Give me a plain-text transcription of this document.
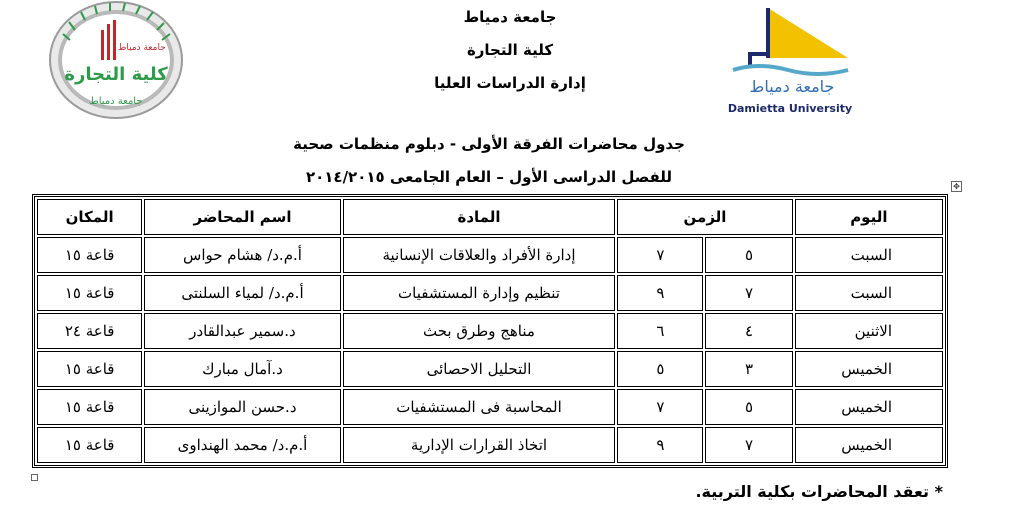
جامعة دمياط
كلية التجارة
جامعة دمياط
جامعة دمياط
كلية التجارة
إدارة الدراسات العليا	جامعة دمياط
Damietta University
جدول محاضرات الفرقة الأولى - دبلوم منظمات صحية
للفصل الدراسى الأول – العام الجامعى ٢٠١٤/٢٠١٥
✥
اليوم	الزمن		المادة	اسم المحاضر	المكان
السبت	٥	٧	إدارة الأفراد والعلاقات الإنسانية	أ.م.د/ هشام حواس	قاعة ١٥
السبت	٧	٩	تنظيم وإدارة المستشفيات	أ.م.د/ لمياء السلنتى	قاعة ١٥
الاثنين	٤	٦	مناهج وطرق بحث	د.سمير عبدالقادر	قاعة ٢٤
الخميس	٣	٥	التحليل الاحصائى	د.آمال مبارك	قاعة ١٥
الخميس	٥	٧	المحاسبة فى المستشفيات	د.حسن الموازينى	قاعة ١٥
الخميس	٧	٩	اتخاذ القرارات الإدارية	أ.م.د/ محمد الهنداوى	قاعة ١٥
* تعقد المحاضرات بكلية التربية.
